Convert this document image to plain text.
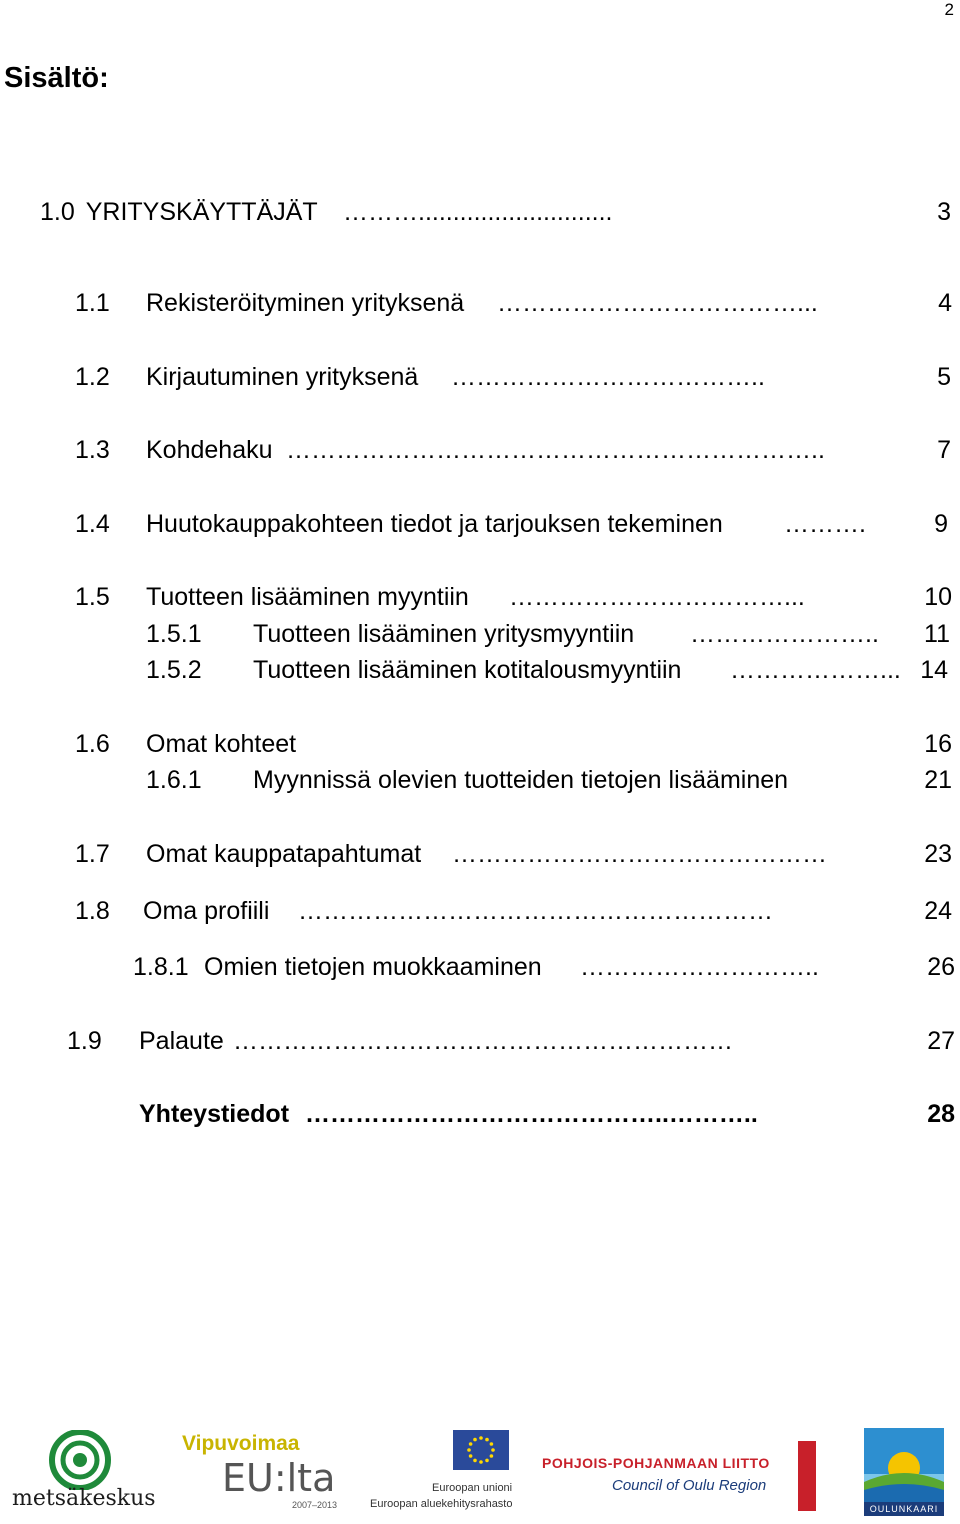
2
Sisältö:
1.0 YRITYSKÄYTTÄJÄT ………............................	3
1.1 Rekisteröityminen yrityksenä ………………………………...	4
1.2 Kirjautuminen yrityksenä ………………………………..	5
1.3 Kohdehaku ………………………………………………………..	7
1.4 Huutokauppakohteen tiedot ja tarjouksen tekeminen ……….	9
1.5 Tuotteen lisääminen myyntiin ……………………………...	10
1.5.1 Tuotteen lisääminen yritysmyyntiin …………………..	11
1.5.2 Tuotteen lisääminen kotitalousmyyntiin ………………... 14
1.6 Omat kohteet	16
1.6.1 Myynnissä olevien tuotteiden tietojen lisääminen	21
1.7 Omat kauppatapahtumat ………………………………………	23
1.8 Oma profiili …………………………………………………	24
1.8.1 Omien tietojen muokkaaminen ………………………..	26
1.9 Palaute ……………………………………………………	27
Yhteystiedot ……………………………………..………..	28
metsäkeskus
Vipuvoimaa
EU:lta
2007–2013
Euroopan unioni
Euroopan aluekehitysrahasto
POHJOIS-POHJANMAAN LIITTO
Council of Oulu Region
OULUNKAARI
